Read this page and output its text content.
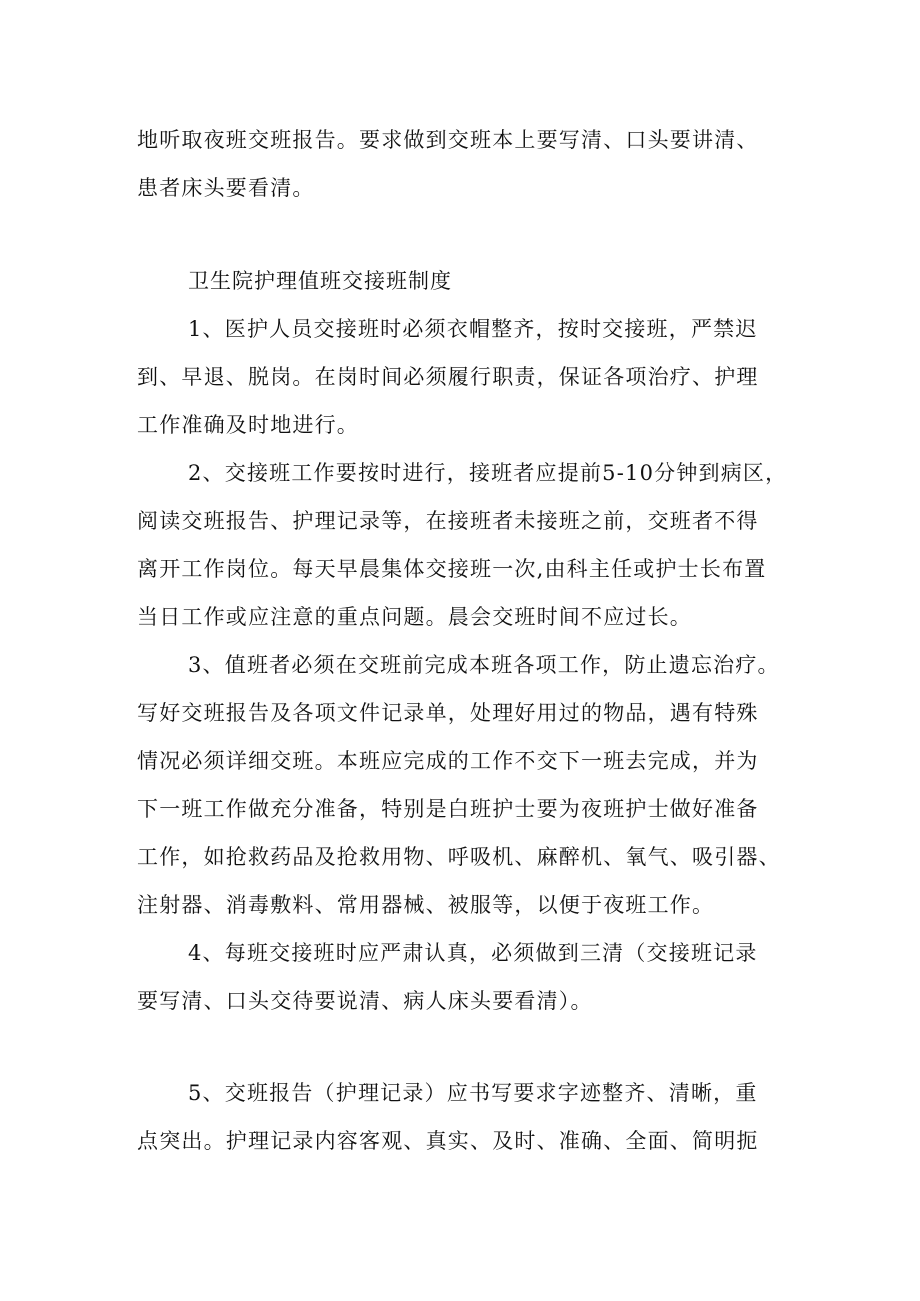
地听取夜班交班报告。要求做到交班本上要写清、口头要讲清、
患者床头要看清。
卫生院护理值班交接班制度
1、医护人员交接班时必须衣帽整齐，按时交接班，严禁迟
到、早退、脱岗。在岗时间必须履行职责，保证各项治疗、护理
工作准确及时地进行。
2、交接班工作要按时进行，接班者应提前5-10分钟到病区，
阅读交班报告、护理记录等，在接班者未接班之前，交班者不得
离开工作岗位。每天早晨集体交接班一次,由科主任或护士长布置
当日工作或应注意的重点问题。晨会交班时间不应过长。
3、值班者必须在交班前完成本班各项工作，防止遗忘治疗。
写好交班报告及各项文件记录单，处理好用过的物品，遇有特殊
情况必须详细交班。本班应完成的工作不交下一班去完成，并为
下一班工作做充分准备，特别是白班护士要为夜班护士做好准备
工作，如抢救药品及抢救用物、呼吸机、麻醉机、氧气、吸引器、
注射器、消毒敷料、常用器械、被服等，以便于夜班工作。
4、每班交接班时应严肃认真，必须做到三清（交接班记录
要写清、口头交待要说清、病人床头要看清）。
5、交班报告（护理记录）应书写要求字迹整齐、清晰，重
点突出。护理记录内容客观、真实、及时、准确、全面、简明扼
